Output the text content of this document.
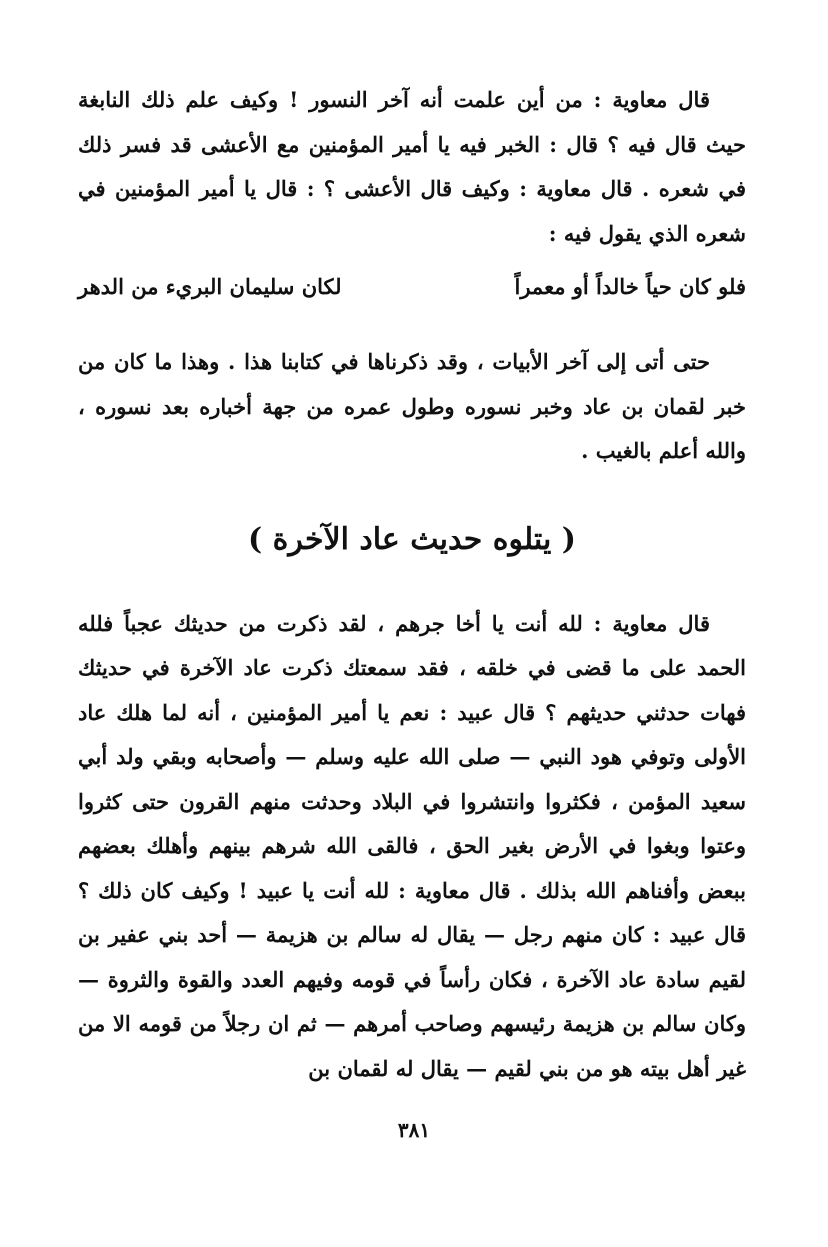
قال معاوية : من أين علمت أنه آخر النسور ! وكيف علم ذلك النابغة حيث قال فيه ؟ قال : الخبر فيه يا أمير المؤمنين مع الأعشى قد فسر ذلك في شعره . قال معاوية : وكيف قال الأعشى ؟ : قال يا أمير المؤمنين في شعره الذي يقول فيه :

فلو كان حياً خالداً أو معمراً
لكان سليمان البريء من الدهر

حتى أتى إلى آخر الأبيات ، وقد ذكرناها في كتابنا هذا . وهذا ما كان من خبر لقمان بن عاد وخبر نسوره وطول عمره من جهة أخباره بعد نسوره ، والله أعلم بالغيب .

( يتلوه حديث عاد الآخرة )

قال معاوية : لله أنت يا أخا جرهم ، لقد ذكرت من حديثك عجباً فلله الحمد على ما قضى في خلقه ، فقد سمعتك ذكرت عاد الآخرة في حديثك فهات حدثني حديثهم ؟ قال عبيد : نعم يا أمير المؤمنين ، أنه لما هلك عاد الأولى وتوفي هود النبي — صلى الله عليه وسلم — وأصحابه وبقي ولد أبي سعيد المؤمن ، فكثروا وانتشروا في البلاد وحدثت منهم القرون حتى كثروا وعتوا وبغوا في الأرض بغير الحق ، فالقى الله شرهم بينهم وأهلك بعضهم ببعض وأفناهم الله بذلك . قال معاوية : لله أنت يا عبيد ! وكيف كان ذلك ؟ قال عبيد : كان منهم رجل — يقال له سالم بن هزيمة — أحد بني عفير بن لقيم سادة عاد الآخرة ، فكان رأساً في قومه وفيهم العدد والقوة والثروة — وكان سالم بن هزيمة رئيسهم وصاحب أمرهم — ثم ان رجلاً من قومه الا من غير أهل بيته هو من بني لقيم — يقال له لقمان بن

٣٨١
